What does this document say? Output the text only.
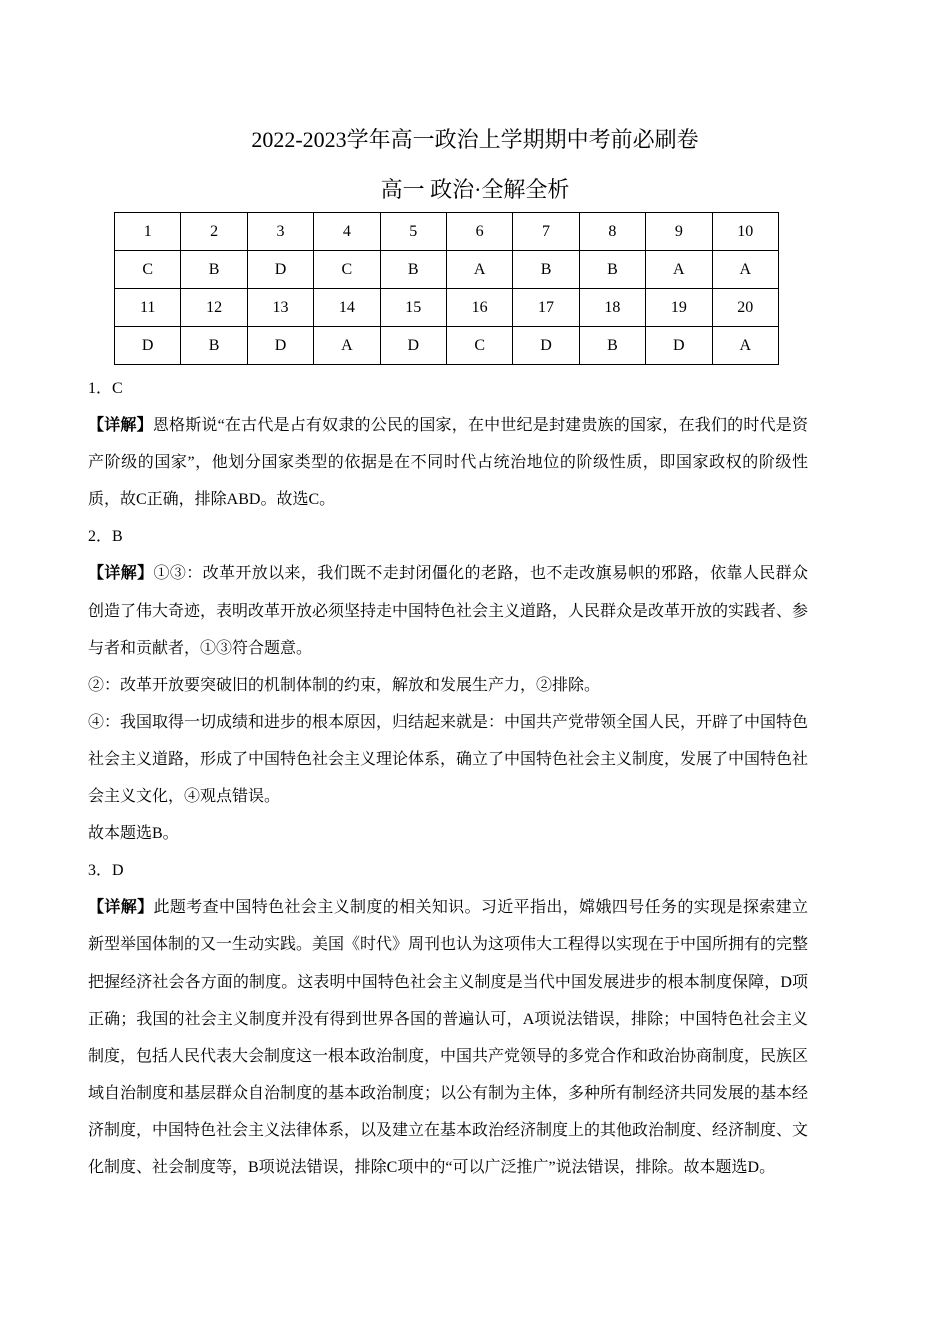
2022-2023学年高一政治上学期期中考前必刷卷
高一 政治·全解全析
1	2	3	4	5	6	7	8	9	10
C	B	D	C	B	A	B	B	A	A
11	12	13	14	15	16	17	18	19	20
D	B	D	A	D	C	D	B	D	A

1．C

【详解】恩格斯说“在古代是占有奴隶的公民的国家，在中世纪是封建贵族的国家，在我们的时代是资产阶级的国家”，他划分国家类型的依据是在不同时代占统治地位的阶级性质，即国家政权的阶级性质，故C正确，排除ABD。故选C。

2．B

【详解】①③：改革开放以来，我们既不走封闭僵化的老路，也不走改旗易帜的邪路，依靠人民群众创造了伟大奇迹，表明改革开放必须坚持走中国特色社会主义道路，人民群众是改革开放的实践者、参与者和贡献者，①③符合题意。

②：改革开放要突破旧的机制体制的约束，解放和发展生产力，②排除。

④：我国取得一切成绩和进步的根本原因，归结起来就是：中国共产党带领全国人民，开辟了中国特色社会主义道路，形成了中国特色社会主义理论体系，确立了中国特色社会主义制度，发展了中国特色社会主义文化，④观点错误。

故本题选B。

3．D

【详解】此题考查中国特色社会主义制度的相关知识。习近平指出，嫦娥四号任务的实现是探索建立新型举国体制的又一生动实践。美国《时代》周刊也认为这项伟大工程得以实现在于中国所拥有的完整把握经济社会各方面的制度。这表明中国特色社会主义制度是当代中国发展进步的根本制度保障，D项正确；我国的社会主义制度并没有得到世界各国的普遍认可，A项说法错误，排除；中国特色社会主义制度，包括人民代表大会制度这一根本政治制度，中国共产党领导的多党合作和政治协商制度，民族区域自治制度和基层群众自治制度的基本政治制度；以公有制为主体，多种所有制经济共同发展的基本经济制度，中国特色社会主义法律体系，以及建立在基本政治经济制度上的其他政治制度、经济制度、文化制度、社会制度等，B项说法错误，排除C项中的“可以广泛推广”说法错误，排除。故本题选D。
